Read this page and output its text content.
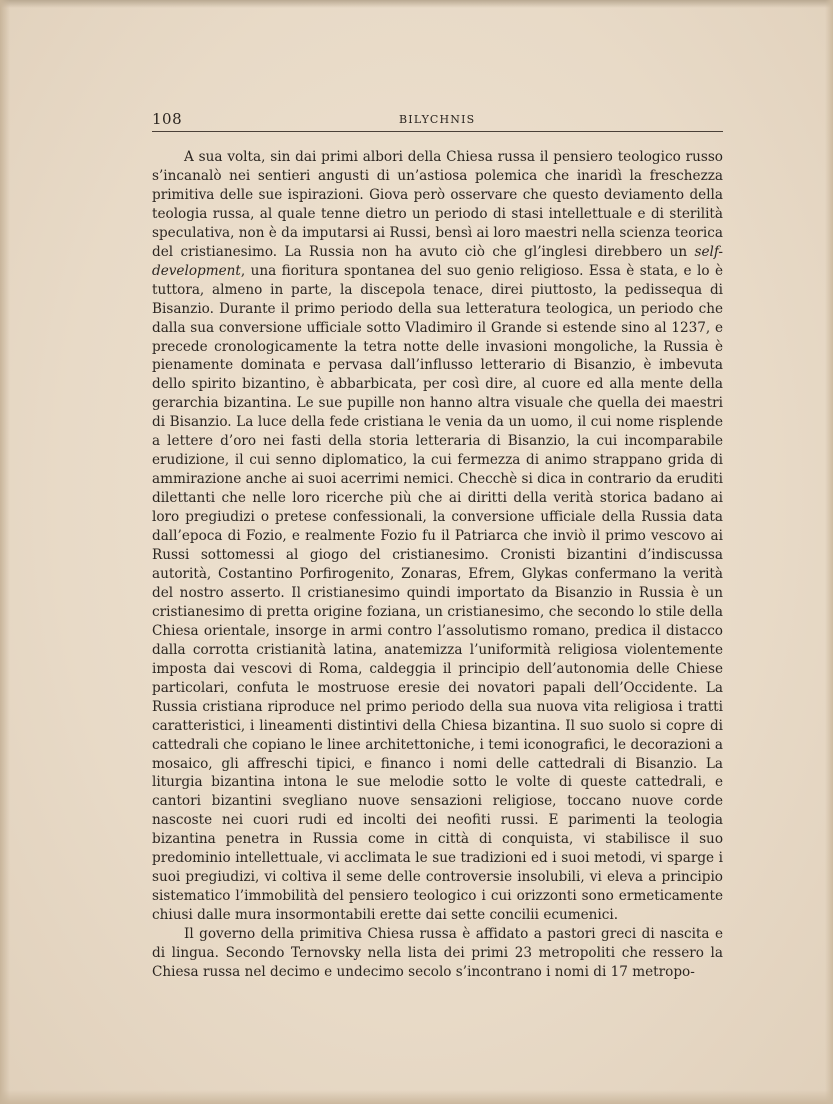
108	BILYCHNIS

A sua volta, sin dai primi albori della Chiesa russa il pensiero teologico russo s’incanalò nei sentieri angusti di un’astiosa polemica che inaridì la freschezza primitiva delle sue ispirazioni. Giova però osservare che questo deviamento della teologia russa, al quale tenne dietro un periodo di stasi intellettuale e di sterilità speculativa, non è da imputarsi ai Russi, bensì ai loro maestri nella scienza teorica del cristianesimo. La Russia non ha avuto ciò che gl’inglesi direbbero un self-development, una fioritura spontanea del suo genio religioso. Essa è stata, e lo è tuttora, almeno in parte, la discepola tenace, direi piuttosto, la pedissequa di Bisanzio. Durante il primo periodo della sua letteratura teologica, un periodo che dalla sua conversione ufficiale sotto Vladimiro il Grande si estende sino al 1237, e precede cronologicamente la tetra notte delle invasioni mongoliche, la Russia è pienamente dominata e pervasa dall’influsso letterario di Bisanzio, è imbevuta dello spirito bizantino, è abbarbicata, per così dire, al cuore ed alla mente della gerarchia bizantina. Le sue pupille non hanno altra visuale che quella dei maestri di Bisanzio. La luce della fede cristiana le venia da un uomo, il cui nome risplende a lettere d’oro nei fasti della storia letteraria di Bisanzio, la cui incomparabile erudizione, il cui senno diplomatico, la cui fermezza di animo strappano grida di ammirazione anche ai suoi acerrimi nemici. Checchè si dica in contrario da eruditi dilettanti che nelle loro ricerche più che ai diritti della verità storica badano ai loro pregiudizi o pretese confessionali, la conversione ufficiale della Russia data dall’epoca di Fozio, e realmente Fozio fu il Patriarca che inviò il primo vescovo ai Russi sottomessi al giogo del cristianesimo. Cronisti bizantini d’indiscussa autorità, Costantino Porfirogenito, Zonaras, Efrem, Glykas confermano la verità del nostro asserto. Il cristianesimo quindi importato da Bisanzio in Russia è un cristianesimo di pretta origine foziana, un cristianesimo, che secondo lo stile della Chiesa orientale, insorge in armi contro l’assolutismo romano, predica il distacco dalla corrotta cristianità latina, anatemizza l’uniformità religiosa violentemente imposta dai vescovi di Roma, caldeggia il principio dell’autonomia delle Chiese particolari, confuta le mostruose eresie dei novatori papali dell’Occidente. La Russia cristiana riproduce nel primo periodo della sua nuova vita religiosa i tratti caratteristici, i lineamenti distintivi della Chiesa bizantina. Il suo suolo si copre di cattedrali che copiano le linee architettoniche, i temi iconografici, le decorazioni a mosaico, gli affreschi tipici, e financo i nomi delle cattedrali di Bisanzio. La liturgia bizantina intona le sue melodie sotto le volte di queste cattedrali, e cantori bizantini svegliano nuove sensazioni religiose, toccano nuove corde nascoste nei cuori rudi ed incolti dei neofiti russi. E parimenti la teologia bizantina penetra in Russia come in città di conquista, vi stabilisce il suo predominio intellettuale, vi acclimata le sue tradizioni ed i suoi metodi, vi sparge i suoi pregiudizi, vi coltiva il seme delle controversie insolubili, vi eleva a principio sistematico l’immobilità del pensiero teologico i cui orizzonti sono ermeticamente chiusi dalle mura insormontabili erette dai sette concilii ecumenici.

Il governo della primitiva Chiesa russa è affidato a pastori greci di nascita e di lingua. Secondo Ternovsky nella lista dei primi 23 metropoliti che ressero la Chiesa russa nel decimo e undecimo secolo s’incontrano i nomi di 17 metropo-
